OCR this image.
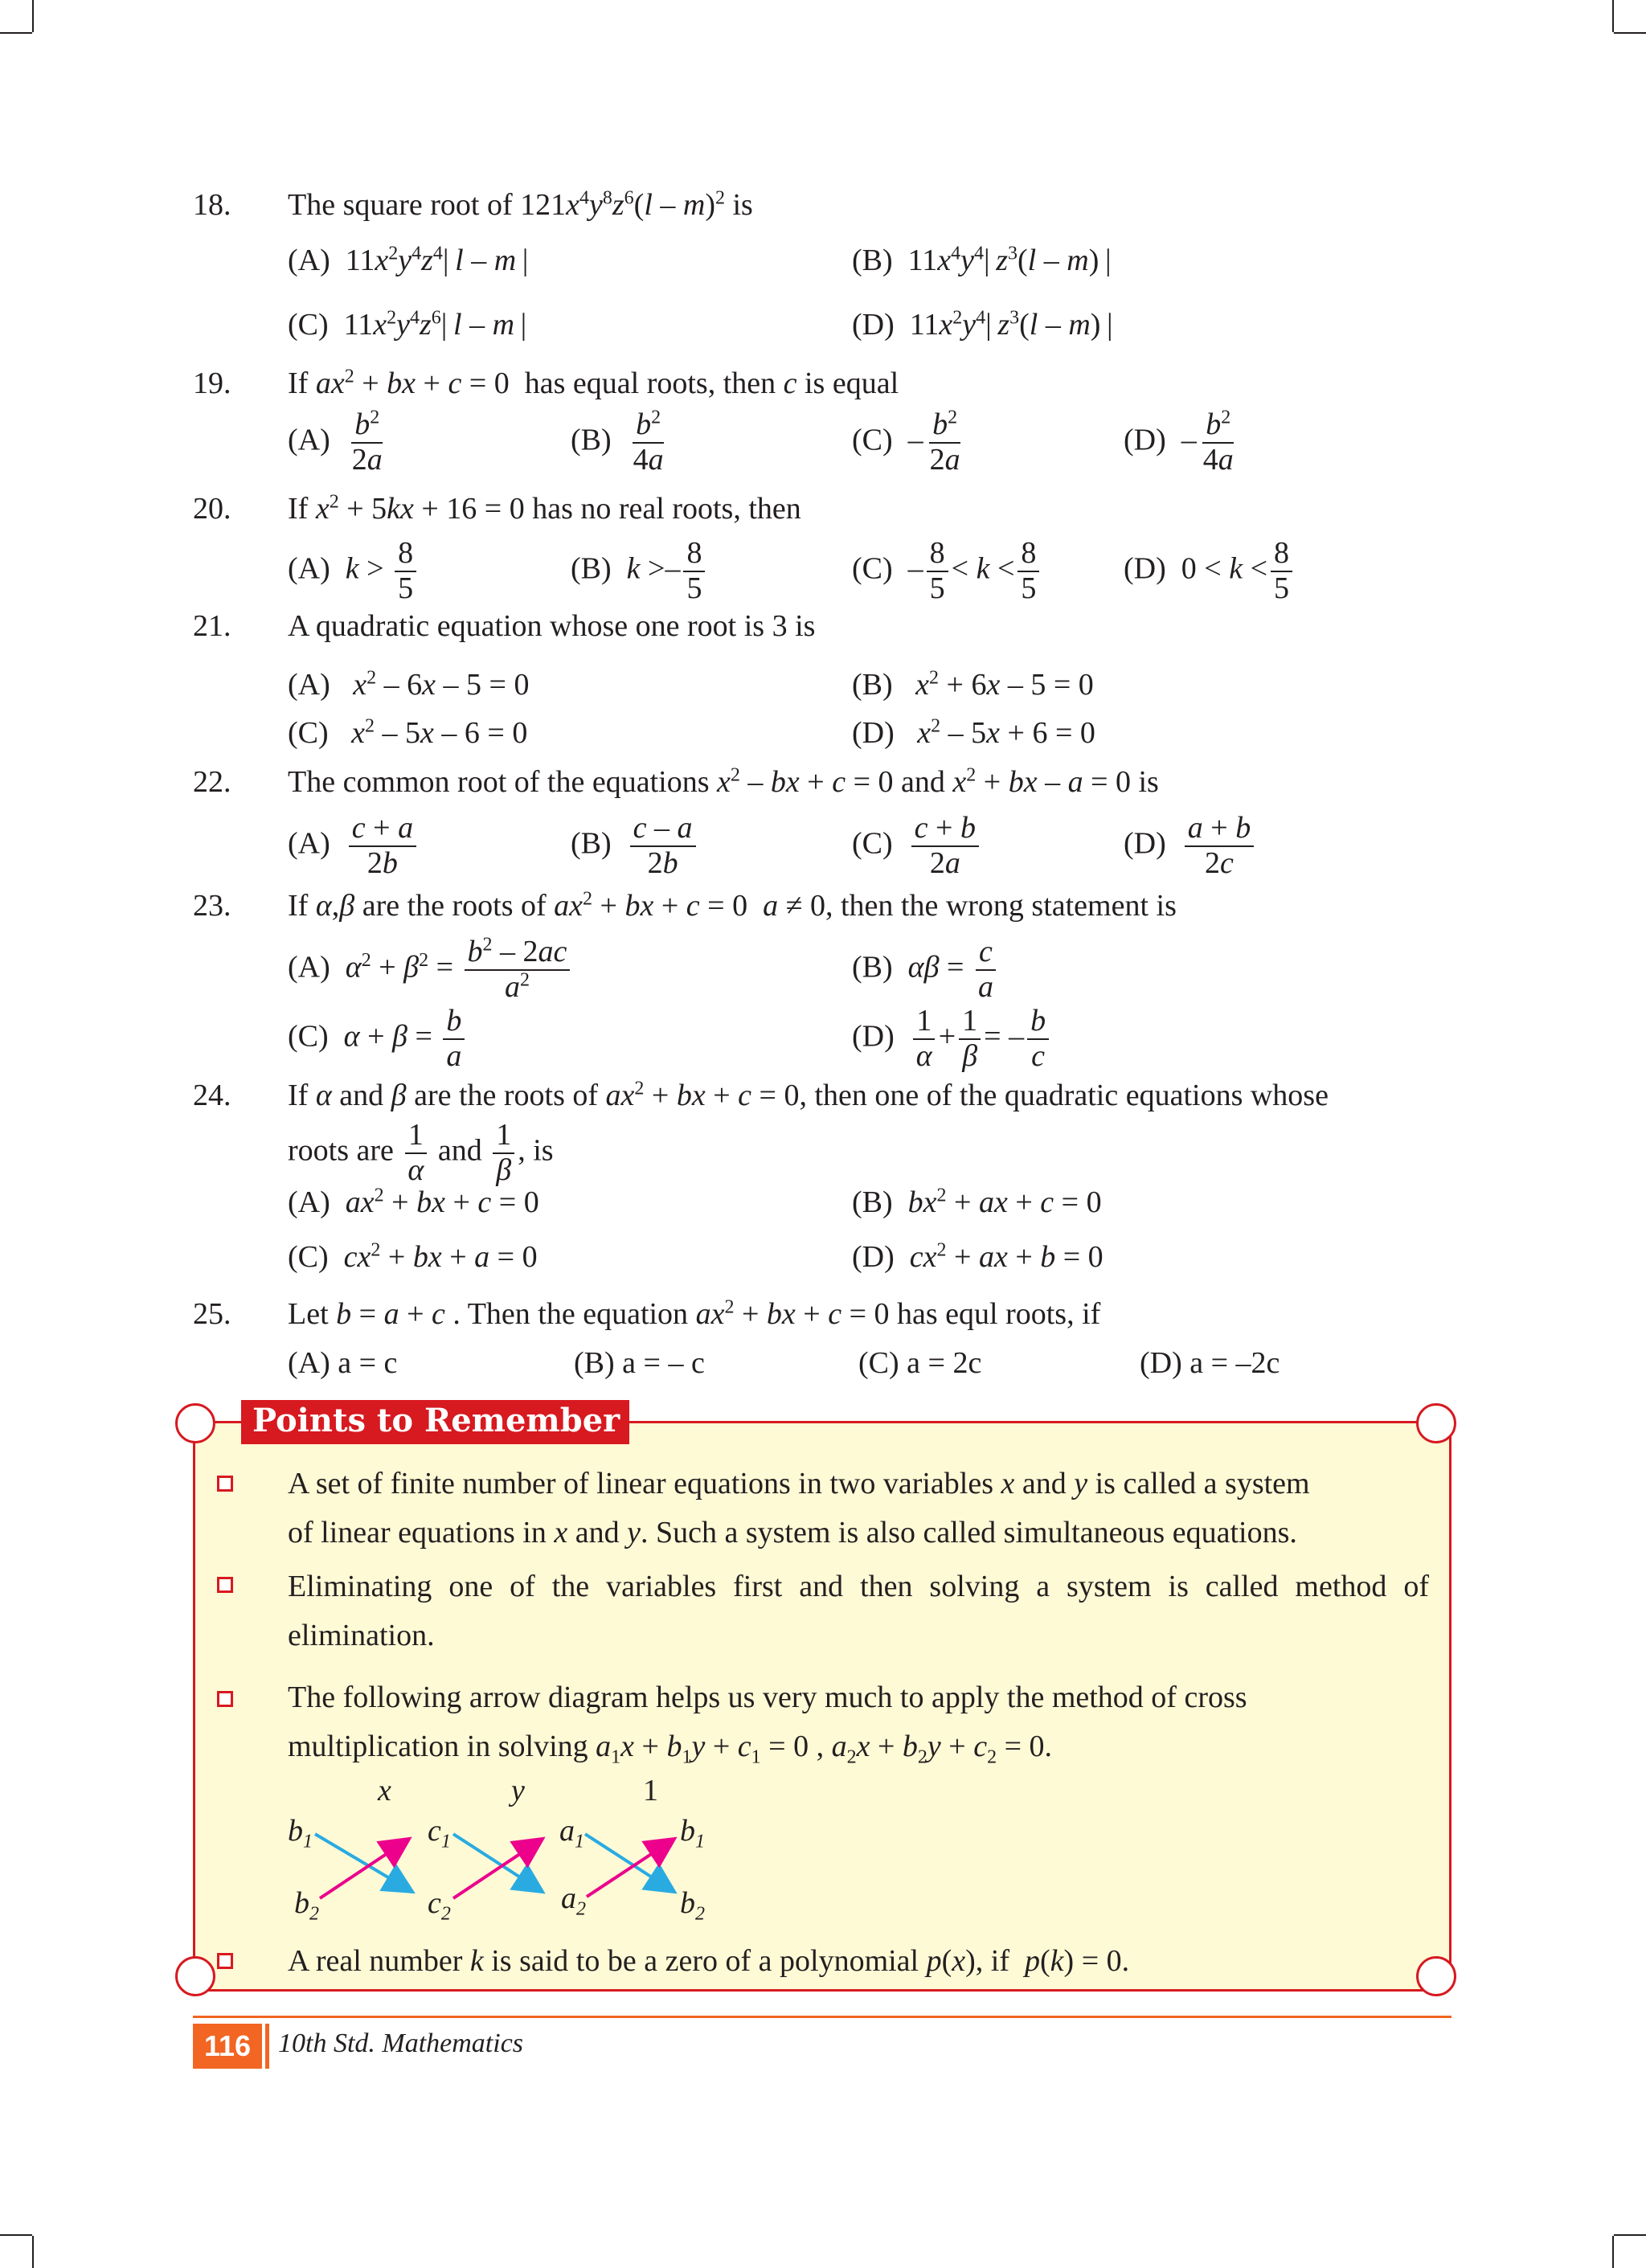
18. The square root of $121x^4y^8z^6(l - m)^2$ is
(A)  $11x^2y^4z^4|$ l – m |	(B)  $11x^4y^4|$ $z^3(l - m)$ |
(C)  $11x^2y^4z^6|$ l – m |	(D)  $11x^2y^4|$ $z^3(l - m)$ |
19. If $ax^2$ + bx + c = 0  has equal roots, then c is equal
$(A) \frac{b^2}{2a}$	$(B) \frac{b^2}{4a}$	$(C) - \frac{b^2}{2a}$	$(D) - \frac{b^2}{4a}$
20. If $x^2 + 5kx + 16 = 0$ has no real roots, then
(A) $k > \frac{8}{5}$	(B) $k >- \frac{8}{5}$	$(C) - \frac{8}{5} < k < \frac{8}{5}$	(D)  $0 < k < \frac{8}{5}$
21. A quadratic equation whose one root is 3 is
(A) $x^2 - 6x - 5 = 0$	(B) $x^2 + 6x - 5 = 0$
(C) $x^2 - 5x - 6 = 0$	(D) $x^2 - 5x + 6 = 0$
22. The common root of the equations $x^2$ – bx + c = 0 and $x^2$ + bx – a = 0 is
$(A) \frac{c + a}{2b}$	$(B) \frac{c - a}{2b}$	$(C) \frac{c + b}{2a}$	$(D) \frac{a + b}{2c}$
23. If α,β are the roots of $ax^2$ + bx + c = 0  a ≠ 0, then the wrong statement is
(A) $\alpha^2 + \beta^2 = \frac{b^2 - 2ac}{a^2}$	(B) $\alpha\beta = \frac{c}{a}$
(C) $\alpha + \beta = \frac{b}{a}$	$(D) \frac{1}{\alpha} + \frac{1}{\beta}$ = – $\frac{b}{c}$
24. If α and β are the roots of $ax^2$ + bx + c = 0, then one of the quadratic equations whose
roots are $\frac{1}{\alpha}$ and $\frac{1}{\beta}$ , is
(A) $ax^2$ + bx + c = 0	(B) $bx^2$ + ax + c = 0
(C) $cx^2$ + bx + a = 0	(D) $cx^2$ + ax + b = 0
25. Let b = a + c . Then the equation $ax^2$ + bx + c = 0 has equl roots, if
(A) a = c	(B) a = – c	(C) a = 2c	(D) a = –2c
Points to Remember
A set of finite number of linear equations in two variables x and y is called a system
of linear equations in x and y. Such a system is also called simultaneous equations.
Eliminating one of the variables first and then solving a system is called method of elimination.
The following arrow diagram helps us very much to apply the method of cross
multiplication in solving $a_1x + b_1y + c_1 = 0$ , $a_2x + b_2y + c_2 = 0$.
x	y	1
$b_1$	$c_1$	$a_1$	$b_1$
$b_2$	$c_2$	$a_2$	$b_2$
A real number k is said to be a zero of a polynomial p(x), if p(k) = 0.
116 10th Std. Mathematics
